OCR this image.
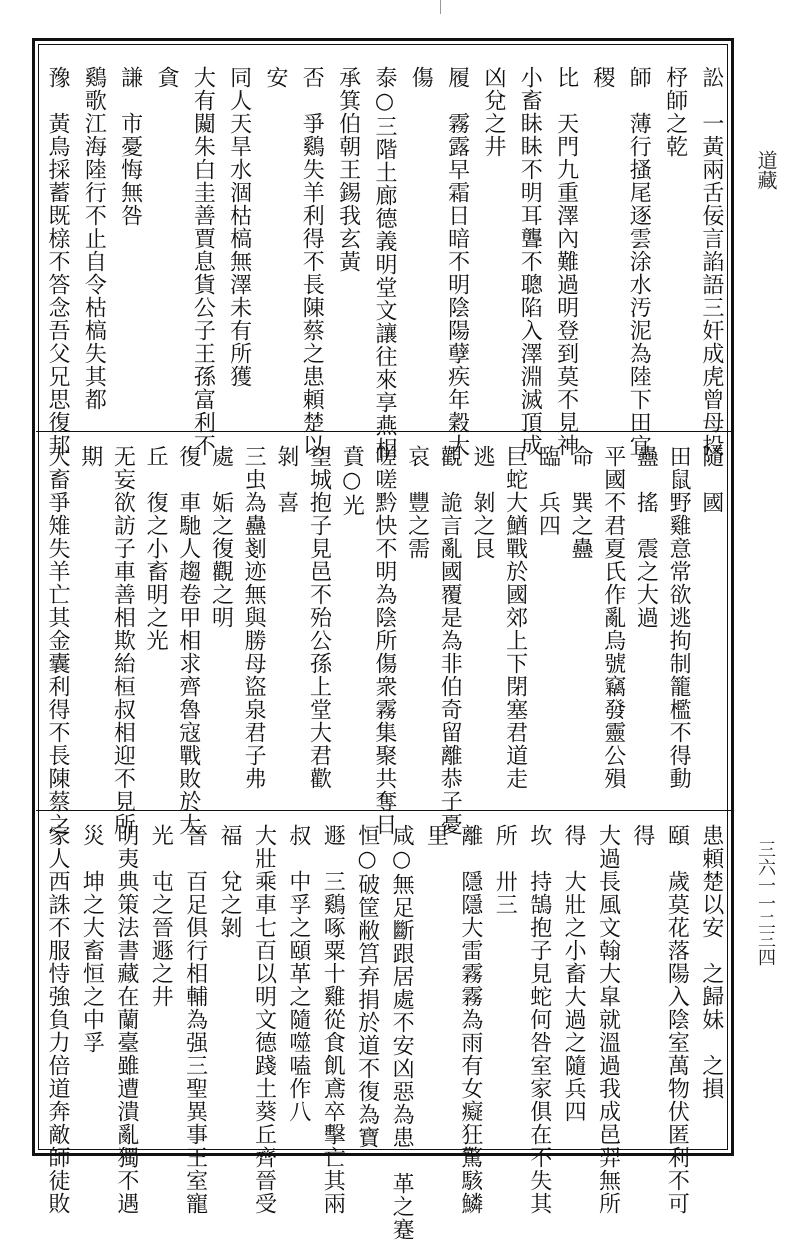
訟　一黃兩舌佞言諂語三奸成虎曾母投
杼師之乾
師　薄行搔尾逐雲涂水汚泥為陸下田宜
稷
比　天門九重澤內難過明登到莫不見神
小畜眛眛不明耳聾不聰陷入澤淵滅頂成
凶兌之井
履　霧露早霜日暗不明陰陽孽疾年穀大
傷
泰○三階土廊德義明堂文讓往來享燕相
承箕伯朝王錫我玄黃
否　爭鷄失羊利得不長陳蔡之患頼楚以
安
同人天旱水涸枯槁無澤未有所獲
大有闚朱白圭善賈息貨公子王孫富利不
貪
謙　市憂悔無咎
鷄歌江海陸行不止自令枯槁失其都
豫　黃鳥採蓄既榇不答念吾父兄思復邦
隨　國
田鼠野雞意常欲逃拘制籠檻不得動
蠱　搖　震之大過
平國不君夏氏作亂烏號竊發靈公殞
命　巽之蠱
臨　兵四
巨蛇大鰌戰於國郊上下閉塞君道走
逃　剝之艮
觀　詭言亂國覆是為非伯奇留離恭子憂
哀　豐之需
嗟嗟黔快不明為陰所傷衆霧集聚共奪日
賁○光
望城抱子見邑不殆公孫上堂大君歡
剝　喜
三虫為蠱剗迹無與勝母盜泉君子弗
處　姤之復觀之明
復　車馳人趨卷甲相求齊魯寇戰敗於大
丘　復之小畜明之光
无妄欲訪子車善相欺紿桓叔相迎不見所
期
大畜爭雉失羊亡其金囊利得不長陳蔡之
患頼楚以安　之歸妹　之損
頤　歲莫花落陽入陰室萬物伏匿利不可
得
大過長風文翰大皐就溫過我成邑羿無所
得　大壯之小畜大過之隨兵四
坎　持鵠抱子見蛇何咎室家俱在不失其
所　卅三
離　隱隱大雷霧霧為雨有女癡狂驚駭鱗
里
咸○無足斷跟居處不安凶惡為患　革之蹇
恒○破筐敝筥弃捐於道不復為寶
遯　三鷄啄粟十雞從食飢鳶卒擊亡其兩
叔　中孚之頤革之隨噬嗑作八
大壯乘車七百以明文德踐土葵丘齊晉受
福　兌之剝
晉　百足俱行相輔為强三聖異事王室寵
光　屯之晉遯之井
明夷典策法書藏在蘭臺雖遭潰亂獨不遇
災　坤之大畜恒之中孚
家人西誅不服恃強負力倍道奔敵師徒敗
道藏
三六一一二三四
